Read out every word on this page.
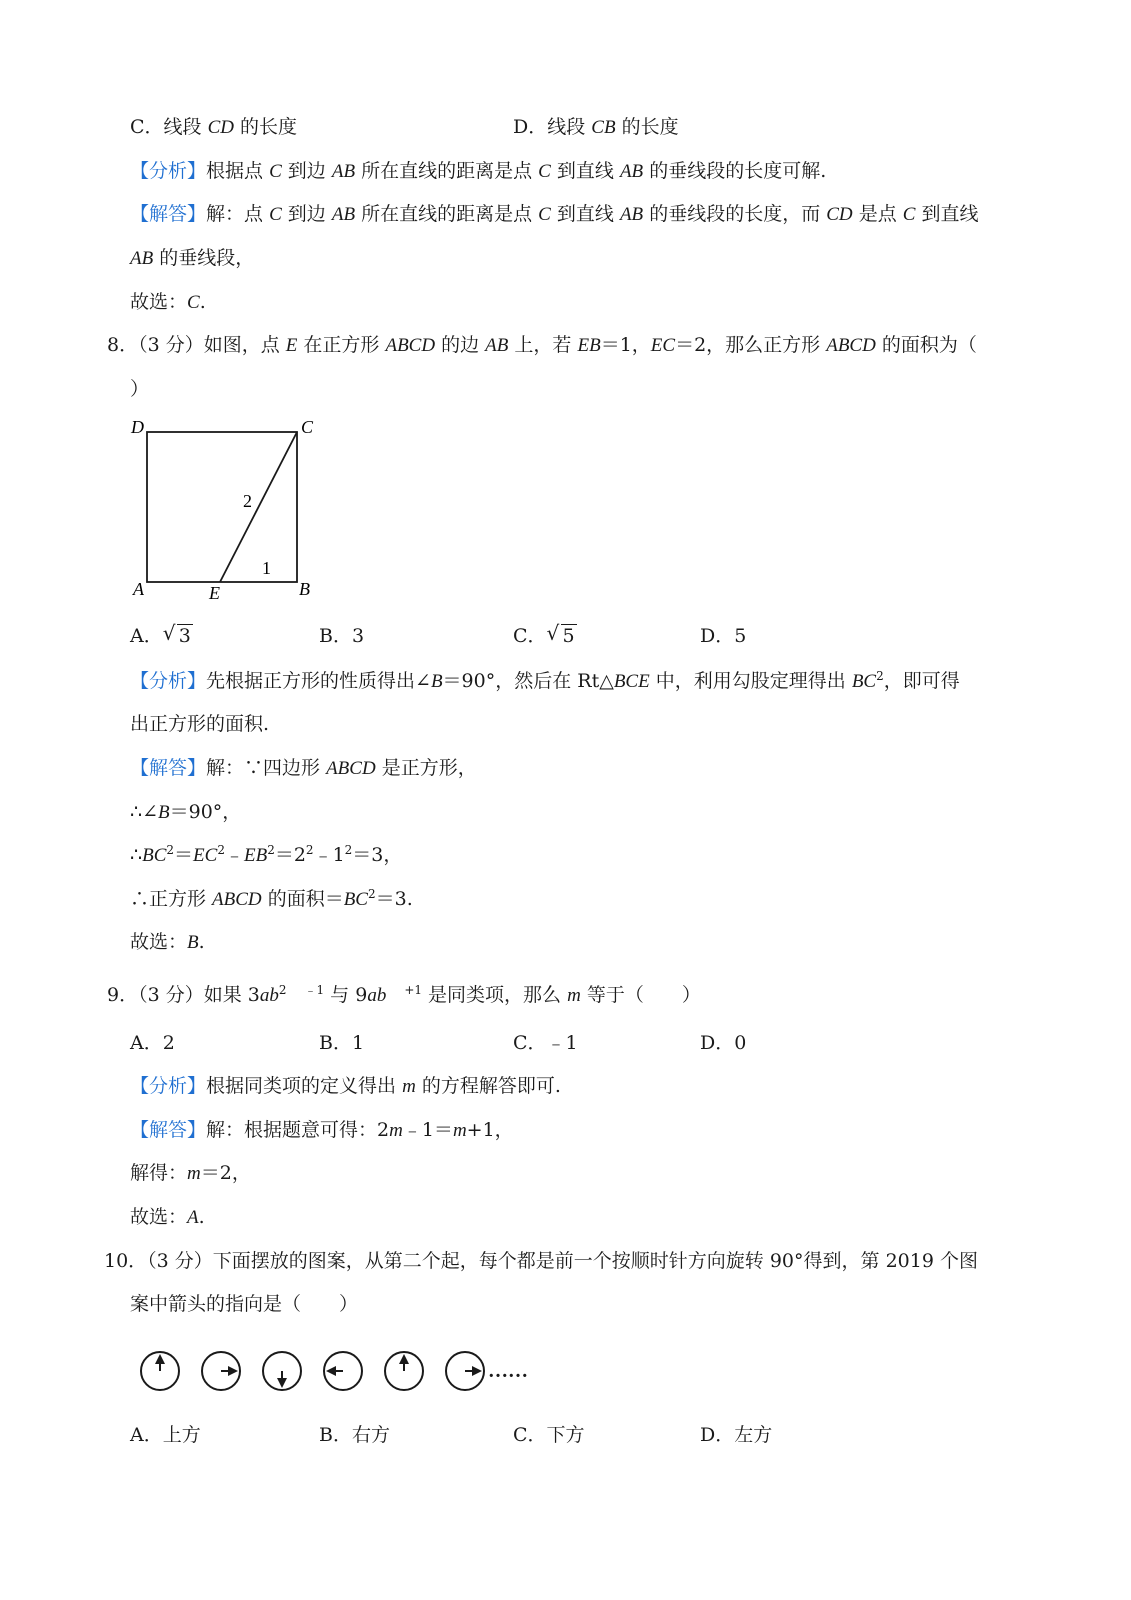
C．线段 CD 的长度	D．线段 CB 的长度
【分析】根据点 C 到边 AB 所在直线的距离是点 C 到直线 AB 的垂线段的长度可解.
【解答】解：点 C 到边 AB 所在直线的距离是点 C 到直线 AB 的垂线段的长度，而 CD 是点 C 到直线
AB 的垂线段，
故选：C.
8．（3 分）如图，点 E 在正方形 ABCD 的边 AB 上，若 EB＝1，EC＝2，那么正方形 ABCD 的面积为（
）
D	C
A	E	B
2
1
A． √ 3	B．3	C． √ 5	D．5
【分析】先根据正方形的性质得出∠B＝90°，然后在 Rt△BCE 中，利用勾股定理得出 $BC^2$，即可得
出正方形的面积.
【解答】解：∵四边形 ABCD 是正方形，
∴∠B＝90°，
$\therefore BC^2=EC^2﹣EB^2=2^2﹣1^2=3$，
∴正方形 ABCD 的面积$=BC^2=3$.
故选：B.
9．（3 分）如果 $3ab^2$ $^{﹣1}$ 与 9ab $^{+1}$ 是同类项，那么 m 等于（　　）
A．2	B．1	C．﹣1	D．0
【分析】根据同类项的定义得出 m 的方程解答即可.
【解答】解：根据题意可得：2m﹣1＝m+1，
解得：m＝2，
故选：A.
10．（3 分）下面摆放的图案，从第二个起，每个都是前一个按顺时针方向旋转 90°得到，第 2019 个图
案中箭头的指向是（　　）
……
A．上方	B．右方	C．下方	D．左方
